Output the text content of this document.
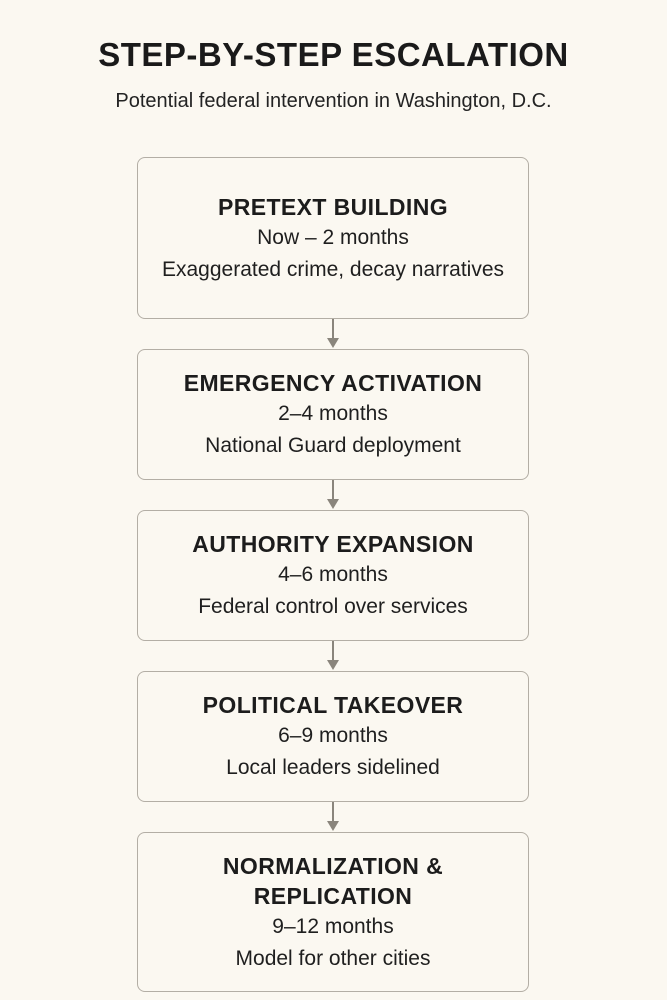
STEP-BY-STEP ESCALATION
Potential federal intervention in Washington, D.C.
PRETEXT BUILDING
Now – 2 months
Exaggerated crime, decay narratives
EMERGENCY ACTIVATION
2–4 months
National Guard deployment
AUTHORITY EXPANSION
4–6 months
Federal control over services
POLITICAL TAKEOVER
6–9 months
Local leaders sidelined
NORMALIZATION & REPLICATION
9–12 months
Model for other cities
